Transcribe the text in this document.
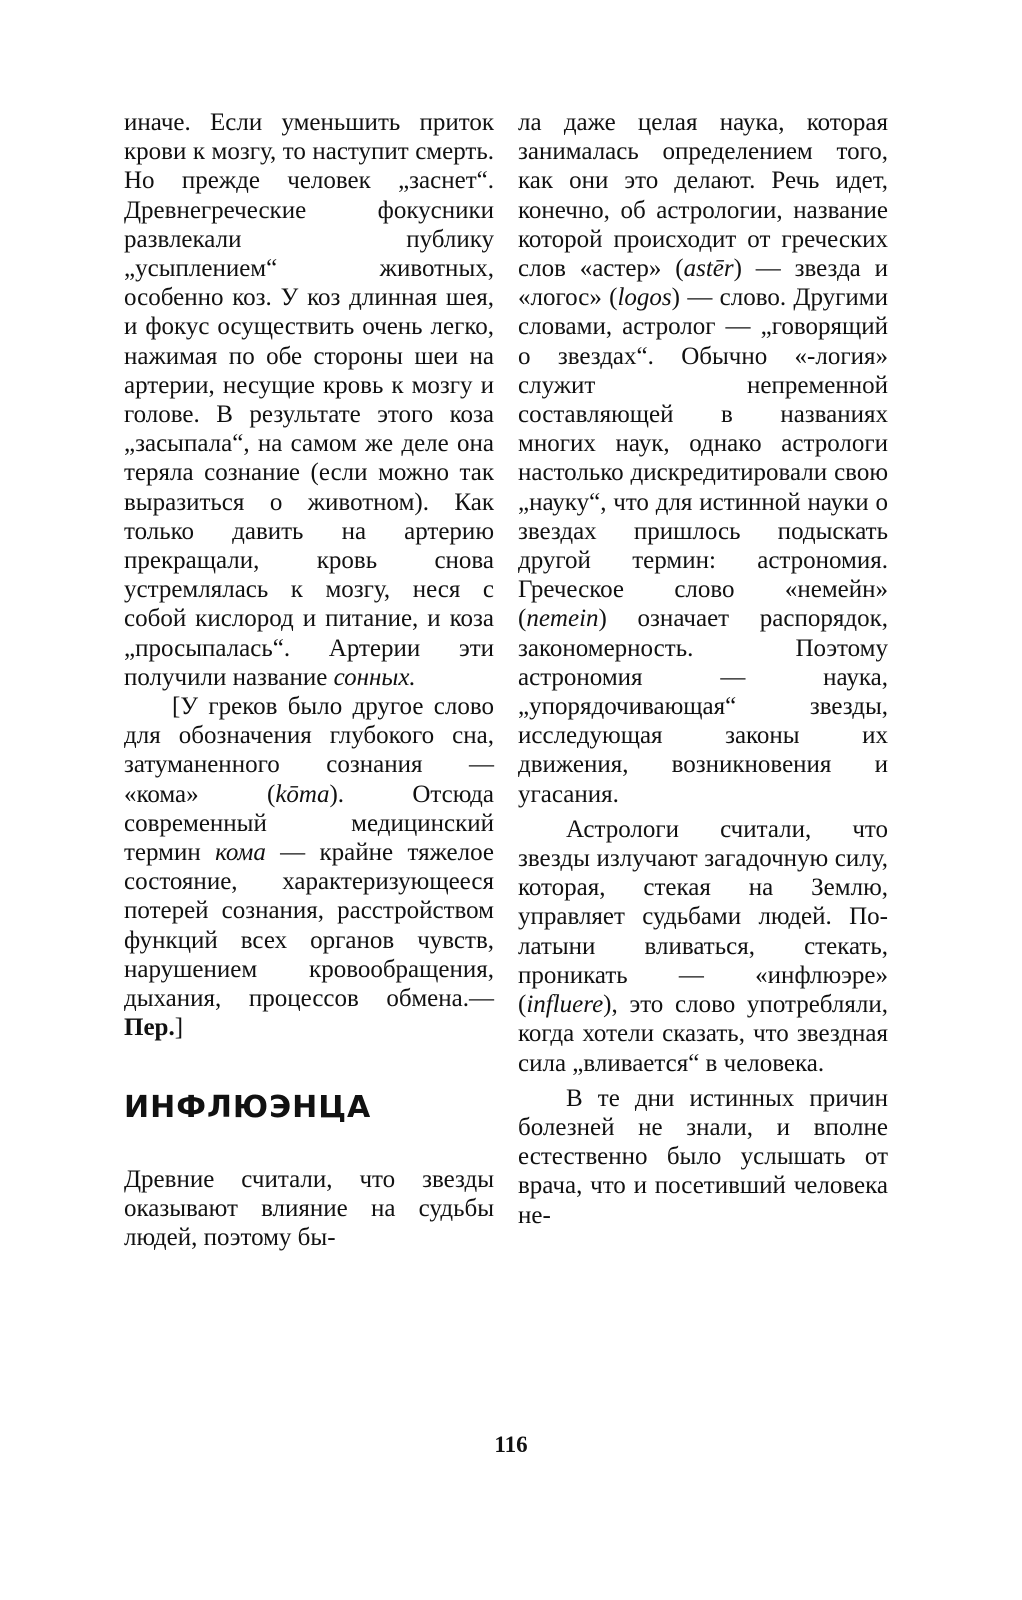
иначе. Если уменьшить приток крови к мозгу, то наступит смерть. Но прежде человек „заснет“. Древнегреческие фокусники развлекали публику „усыплением“ животных, особенно коз. У коз длинная шея, и фокус осуществить очень легко, нажимая по обе стороны шеи на артерии, несущие кровь к мозгу и голове. В результате этого коза „засыпала“, на самом же деле она теряла сознание (если можно так выразиться о животном). Как только давить на артерию прекращали, кровь снова устремлялась к мозгу, неся с собой кислород и питание, и коза „просыпалась“. Артерии эти получили название сонных.

[У греков было другое слово для обозначения глубокого сна, затуманенного сознания — «кома» (kōma). Отсюда современный медицинский термин кома — крайне тяжелое состояние, характеризующееся потерей сознания, расстройством функций всех органов чувств, нарушением кровообращения, дыхания, процессов обмена.— Пер.]

ИНФЛЮЭНЦА

Древние считали, что звезды оказывают влияние на судьбы людей, поэтому бы-

ла даже целая наука, которая занималась определением того, как они это делают. Речь идет, конечно, об астрологии, название которой происходит от греческих слов «астер» (astēr) — звезда и «логос» (logos) — слово. Другими словами, астролог — „говорящий о звездах“. Обычно «-логия» служит непременной составляющей в названиях многих наук, однако астрологи настолько дискредитировали свою „науку“, что для истинной науки о звездах пришлось подыскать другой термин: астрономия. Греческое слово «немейн» (nemein) означает распорядок, закономерность. Поэтому астрономия — наука, „упорядочивающая“ звезды, исследующая законы их движения, возникновения и угасания.

Астрологи считали, что звезды излучают загадочную силу, которая, стекая на Землю, управляет судьбами людей. По-латыни вливаться, стекать, проникать — «инфлюэре» (influere), это слово употребляли, когда хотели сказать, что звездная сила „вливается“ в человека.

В те дни истинных причин болезней не знали, и вполне естественно было услышать от врача, что и посетивший человека не-

116
